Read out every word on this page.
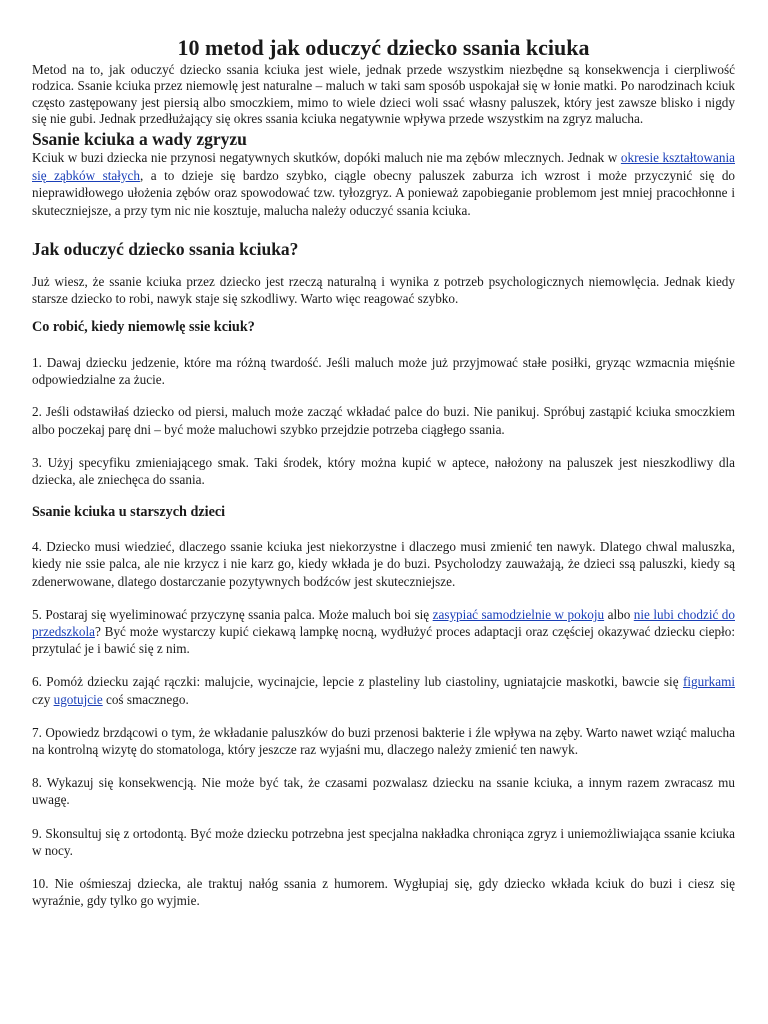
10 metod jak oduczyć dziecko ssania kciuka

Metod na to, jak oduczyć dziecko ssania kciuka jest wiele, jednak przede wszystkim niezbędne są konsekwencja i cierpliwość rodzica. Ssanie kciuka przez niemowlę jest naturalne – maluch w taki sam sposób uspokajał się w łonie matki. Po narodzinach kciuk często zastępowany jest piersią albo smoczkiem, mimo to wiele dzieci woli ssać własny paluszek, który jest zawsze blisko i nigdy się nie gubi. Jednak przedłużający się okres ssania kciuka negatywnie wpływa przede wszystkim na zgryz malucha.

Ssanie kciuka a wady zgryzu

Kciuk w buzi dziecka nie przynosi negatywnych skutków, dopóki maluch nie ma zębów mlecznych. Jednak w okresie kształtowania się ząbków stałych, a to dzieje się bardzo szybko, ciągle obecny paluszek zaburza ich wzrost i może przyczynić się do nieprawidłowego ułożenia zębów oraz spowodować tzw. tyłozgryz. A ponieważ zapobieganie problemom jest mniej pracochłonne i skuteczniejsze, a przy tym nic nie kosztuje, malucha należy oduczyć ssania kciuka.

Jak oduczyć dziecko ssania kciuka?

Już wiesz, że ssanie kciuka przez dziecko jest rzeczą naturalną i wynika z potrzeb psychologicznych niemowlęcia. Jednak kiedy starsze dziecko to robi, nawyk staje się szkodliwy. Warto więc reagować szybko.

Co robić, kiedy niemowlę ssie kciuk?

1. Dawaj dziecku jedzenie, które ma różną twardość. Jeśli maluch może już przyjmować stałe posiłki, gryząc wzmacnia mięśnie odpowiedzialne za żucie.

2. Jeśli odstawiłaś dziecko od piersi, maluch może zacząć wkładać palce do buzi. Nie panikuj. Spróbuj zastąpić kciuka smoczkiem albo poczekaj parę dni – być może maluchowi szybko przejdzie potrzeba ciągłego ssania.

3. Użyj specyfiku zmieniającego smak. Taki środek, który można kupić w aptece, nałożony na paluszek jest nieszkodliwy dla dziecka, ale zniechęca do ssania.

Ssanie kciuka u starszych dzieci

4. Dziecko musi wiedzieć, dlaczego ssanie kciuka jest niekorzystne i dlaczego musi zmienić ten nawyk. Dlatego chwal maluszka, kiedy nie ssie palca, ale nie krzycz i nie karz go, kiedy wkłada je do buzi. Psycholodzy zauważają, że dzieci ssą paluszki, kiedy są zdenerwowane, dlatego dostarczanie pozytywnych bodźców jest skuteczniejsze.

5. Postaraj się wyeliminować przyczynę ssania palca. Może maluch boi się zasypiać samodzielnie w pokoju albo nie lubi chodzić do przedszkola? Być może wystarczy kupić ciekawą lampkę nocną, wydłużyć proces adaptacji oraz częściej okazywać dziecku ciepło: przytulać je i bawić się z nim.

6. Pomóż dziecku zająć rączki: malujcie, wycinajcie, lepcie z plasteliny lub ciastoliny, ugniatajcie maskotki, bawcie się figurkami czy ugotujcie coś smacznego.

7. Opowiedz brzdącowi o tym, że wkładanie paluszków do buzi przenosi bakterie i źle wpływa na zęby. Warto nawet wziąć malucha na kontrolną wizytę do stomatologa, który jeszcze raz wyjaśni mu, dlaczego należy zmienić ten nawyk.

8. Wykazuj się konsekwencją. Nie może być tak, że czasami pozwalasz dziecku na ssanie kciuka, a innym razem zwracasz mu uwagę.

9. Skonsultuj się z ortodontą. Być może dziecku potrzebna jest specjalna nakładka chroniąca zgryz i uniemożliwiająca ssanie kciuka w nocy.

10. Nie ośmieszaj dziecka, ale traktuj nałóg ssania z humorem. Wygłupiaj się, gdy dziecko wkłada kciuk do buzi i ciesz się wyraźnie, gdy tylko go wyjmie.
